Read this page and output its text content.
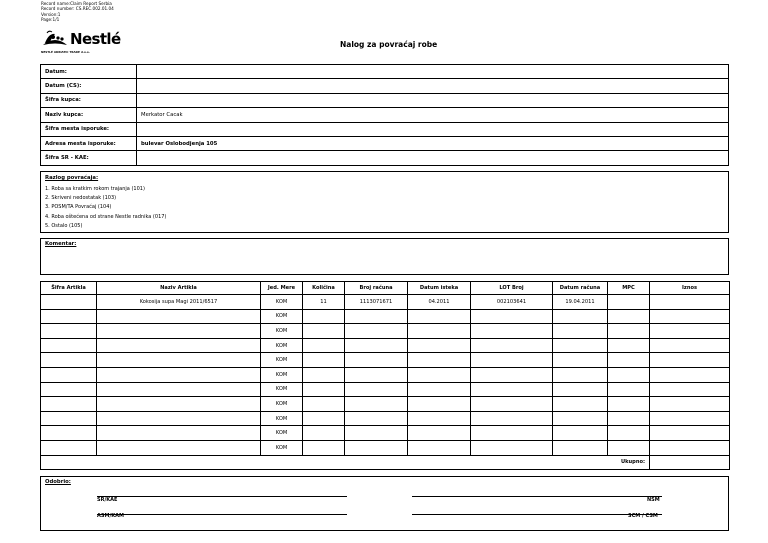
Record name:Claim Report Serbia
Record number: CS.REC.002.01.04
Version:1
Page:1/1
Nestlé
NESTLÉ ADRIATIC TRADE d.o.o.
Nalog za povraćaj robe
Datum:	
Datum (CS):	
Šifra kupca:	
Naziv kupca:	Merkator Cacak
Šifra mesta isporuke:	
Adresa mesta isporuke:	bulevar Oslobodjenja 105
Šifra SR - KAE:	
Razlog povraćaja:
1. Roba sa kratkim rokom trajanja (101)
2. Skriveni nedostatak (103)
3. POSM/TA Povraćaj (104)
4. Roba oštećena od strane Nestle radnika (017)
5. Ostalo (105)
Komentar:
Šifra Artikla	Naziv Artikla	Jed. Mere	Količina	Broj računa	Datum isteka	LOT Broj	Datum računa	MPC	Iznos
	Kokosija supa Magi 2011/6517	KOM	11	1113071671	04.2011	002103641	19.04.2011		
		KOM							
		KOM							
		KOM							
		KOM							
		KOM							
		KOM							
		KOM							
		KOM							
		KOM							
		KOM							
Ukupno:									
Odobrio:
SR/KAE
ASM/KAM
NSM
SCM / CSM
